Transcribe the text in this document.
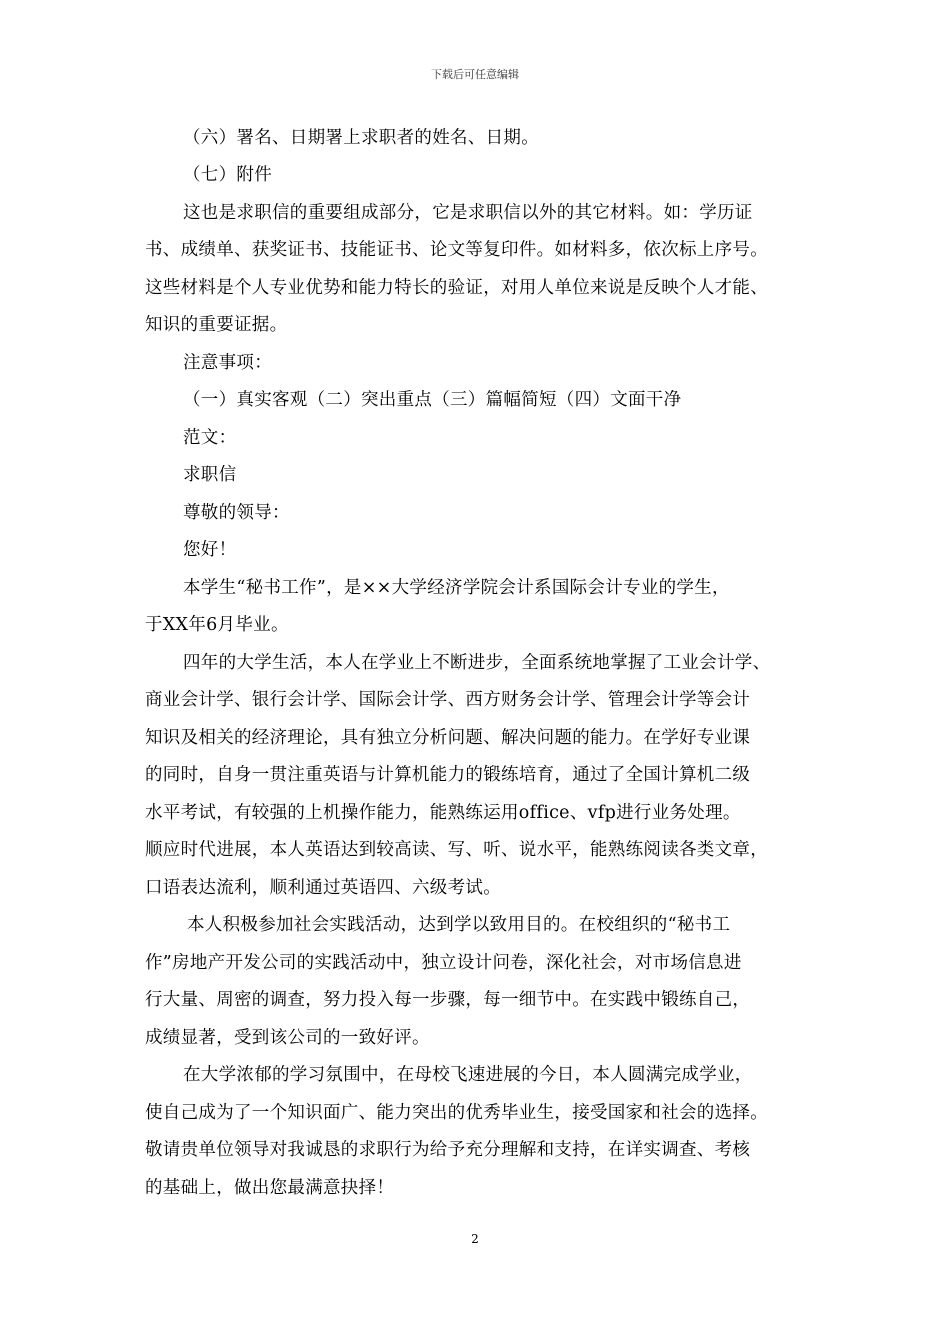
下载后可任意编辑
（六）署名、日期署上求职者的姓名、日期。
（七）附件
这也是求职信的重要组成部分，它是求职信以外的其它材料。如：学历证
书、成绩单、获奖证书、技能证书、论文等复印件。如材料多，依次标上序号。
这些材料是个人专业优势和能力特长的验证，对用人单位来说是反映个人才能、
知识的重要证据。
注意事项：
（一）真实客观（二）突出重点（三）篇幅简短（四）文面干净
范文：
求职信
尊敬的领导：
您好！
本学生“秘书工作”，是××大学经济学院会计系国际会计专业的学生，
于XX年6月毕业。
四年的大学生活，本人在学业上不断进步，全面系统地掌握了工业会计学、
商业会计学、银行会计学、国际会计学、西方财务会计学、管理会计学等会计
知识及相关的经济理论，具有独立分析问题、解决问题的能力。在学好专业课
的同时，自身一贯注重英语与计算机能力的锻练培育，通过了全国计算机二级
水平考试，有较强的上机操作能力，能熟练运用office、vfp进行业务处理。
顺应时代进展，本人英语达到较高读、写、听、说水平，能熟练阅读各类文章，
口语表达流利，顺利通过英语四、六级考试。
本人积极参加社会实践活动，达到学以致用目的。在校组织的“秘书工
作”房地产开发公司的实践活动中，独立设计问卷，深化社会，对市场信息进
行大量、周密的调查，努力投入每一步骤，每一细节中。在实践中锻练自己，
成绩显著，受到该公司的一致好评。
在大学浓郁的学习氛围中，在母校飞速进展的今日，本人圆满完成学业，
使自己成为了一个知识面广、能力突出的优秀毕业生，接受国家和社会的选择。
敬请贵单位领导对我诚恳的求职行为给予充分理解和支持，在详实调查、考核
的基础上，做出您最满意抉择！
2
